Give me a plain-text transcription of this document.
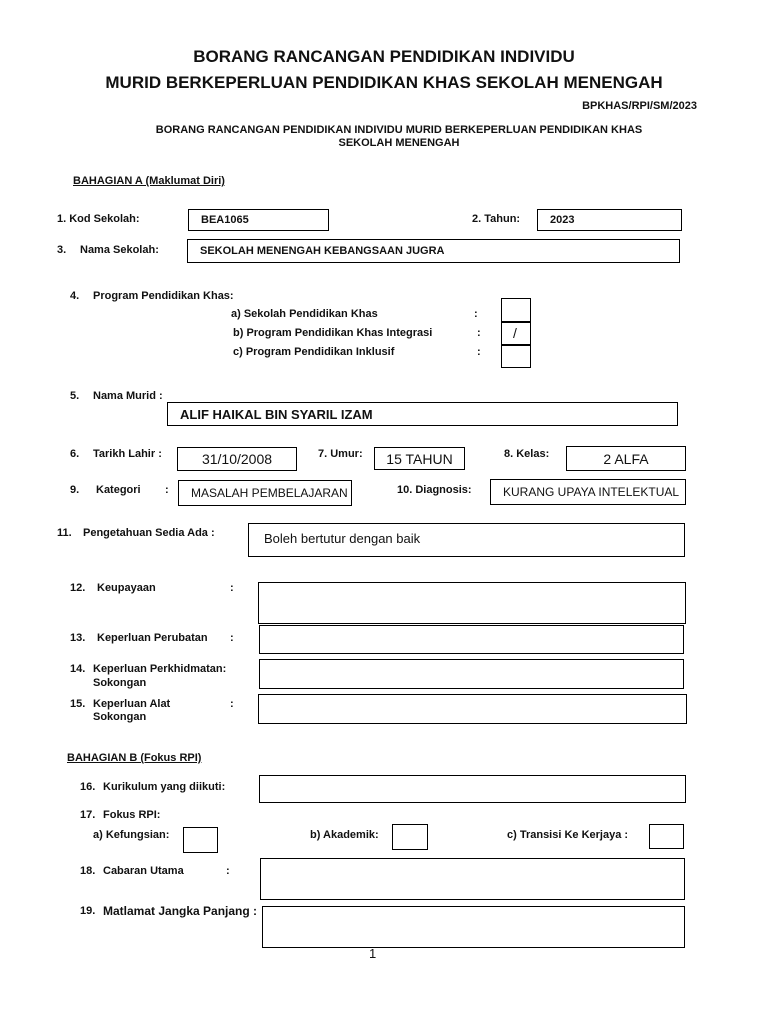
BORANG RANCANGAN PENDIDIKAN INDIVIDU
MURID BERKEPERLUAN PENDIDIKAN KHAS SEKOLAH MENENGAH
BPKHAS/RPI/SM/2023
BORANG RANCANGAN PENDIDIKAN INDIVIDU MURID BERKEPERLUAN PENDIDIKAN KHAS
SEKOLAH MENENGAH
BAHAGIAN A (Maklumat Diri)
1. Kod Sekolah:	BEA1065	2. Tahun:	2023
3. Nama Sekolah:	SEKOLAH MENENGAH KEBANGSAAN JUGRA
4. Program Pendidikan Khas:
a) Sekolah Pendidikan Khas	:
b) Program Pendidikan Khas Integrasi	: /
c) Program Pendidikan Inklusif	:
5. Nama Murid :
ALIF HAIKAL BIN SYARIL IZAM
6. Tarikh Lahir :	31/10/2008	7. Umur: 15 TAHUN	8. Kelas:	2 ALFA
9. Kategori : MASALAH PEMBELAJARAN	10. Diagnosis:	KURANG UPAYA INTELEKTUAL
11. Pengetahuan Sedia Ada :	Boleh bertutur dengan baik
12. Keupayaan	:
13. Keperluan Perubatan :
14. Keperluan Perkhidmatan:
Sokongan
15. Keperluan Alat
Sokongan
:
BAHAGIAN B (Fokus RPI)
16. Kurikulum yang diikuti:
17. Fokus RPI:
a) Kefungsian:	b) Akademik:	c) Transisi Ke Kerjaya :
18. Cabaran Utama	:
19. Matlamat Jangka Panjang :
1
